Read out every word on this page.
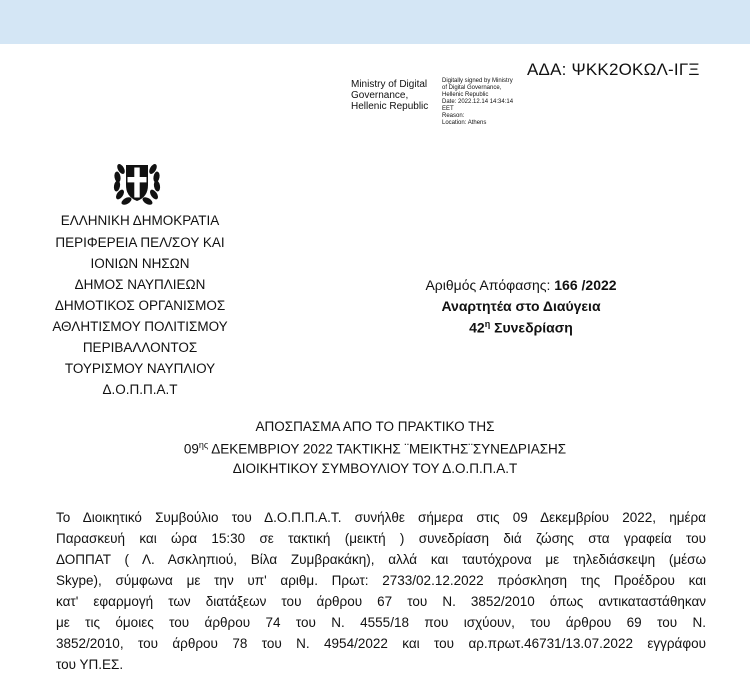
ΑΔΑ: ΨΚΚ2ΟΚΩΛ-ΙΓΞ
Ministry of Digital
Governance,
Hellenic Republic
Digitally signed by Ministry
of Digital Governance,
Hellenic Republic
Date: 2022.12.14 14:34:14
EET
Reason:
Location: Athens
ΕΛΛΗΝΙΚΗ ΔΗΜΟΚΡΑΤΙΑ
ΠΕΡΙΦΕΡΕΙΑ ΠΕΛ/ΣΟΥ ΚΑΙ
ΙΟΝΙΩΝ ΝΗΣΩΝ
ΔΗΜΟΣ ΝΑΥΠΛΙΕΩΝ
ΔΗΜΟΤΙΚΟΣ ΟΡΓΑΝΙΣΜΟΣ
ΑΘΛΗΤΙΣΜΟΥ ΠΟΛΙΤΙΣΜΟΥ
ΠΕΡΙΒΑΛΛΟΝΤΟΣ
ΤΟΥΡΙΣΜΟΥ ΝΑΥΠΛΙΟΥ
Δ.Ο.Π.Π.Α.Τ
Αριθμός Απόφασης: 166 /2022
Αναρτητέα στο Διαύγεια
$42^\eta$ Συνεδρίαση
ΑΠΟΣΠΑΣΜΑ ΑΠΟ ΤΟ ΠΡΑΚΤΙΚΟ ΤΗΣ
$09^{\eta\varsigma}$ ΔΕΚΕΜΒΡΙΟΥ 2022 ΤΑΚΤΙΚΗΣ ¨ΜΕΙΚΤΗΣ¨ΣΥΝΕΔΡΙΑΣΗΣ
ΔΙΟΙΚΗΤΙΚΟΥ ΣΥΜΒΟΥΛΙΟΥ ΤΟΥ Δ.Ο.Π.Π.Α.Τ
Το Διοικητικό Συμβούλιο του Δ.Ο.Π.Π.Α.Τ. συνήλθε σήμερα στις 09 Δεκεμβρίου 2022, ημέρα
Παρασκευή και ώρα 15:30 σε τακτική (μεικτή ) συνεδρίαση διά ζώσης στα γραφεία του
ΔΟΠΠΑΤ ( Λ. Ασκληπιού, Βίλα Ζυμβρακάκη), αλλά και ταυτόχρονα με τηλεδιάσκεψη (μέσω
Skype), σύμφωνα με την υπ' αριθμ. Πρωτ: 2733/02.12.2022 πρόσκληση της Προέδρου και
κατ' εφαρμογή των διατάξεων του άρθρου 67 του Ν. 3852/2010 όπως αντικαταστάθηκαν
με τις όμοιες του άρθρου 74 του Ν. 4555/18 που ισχύουν, του άρθρου 69 του Ν.
3852/2010, του άρθρου 78 του Ν. 4954/2022 και του αρ.πρωτ.46731/13.07.2022 εγγράφου
του ΥΠ.ΕΣ.
